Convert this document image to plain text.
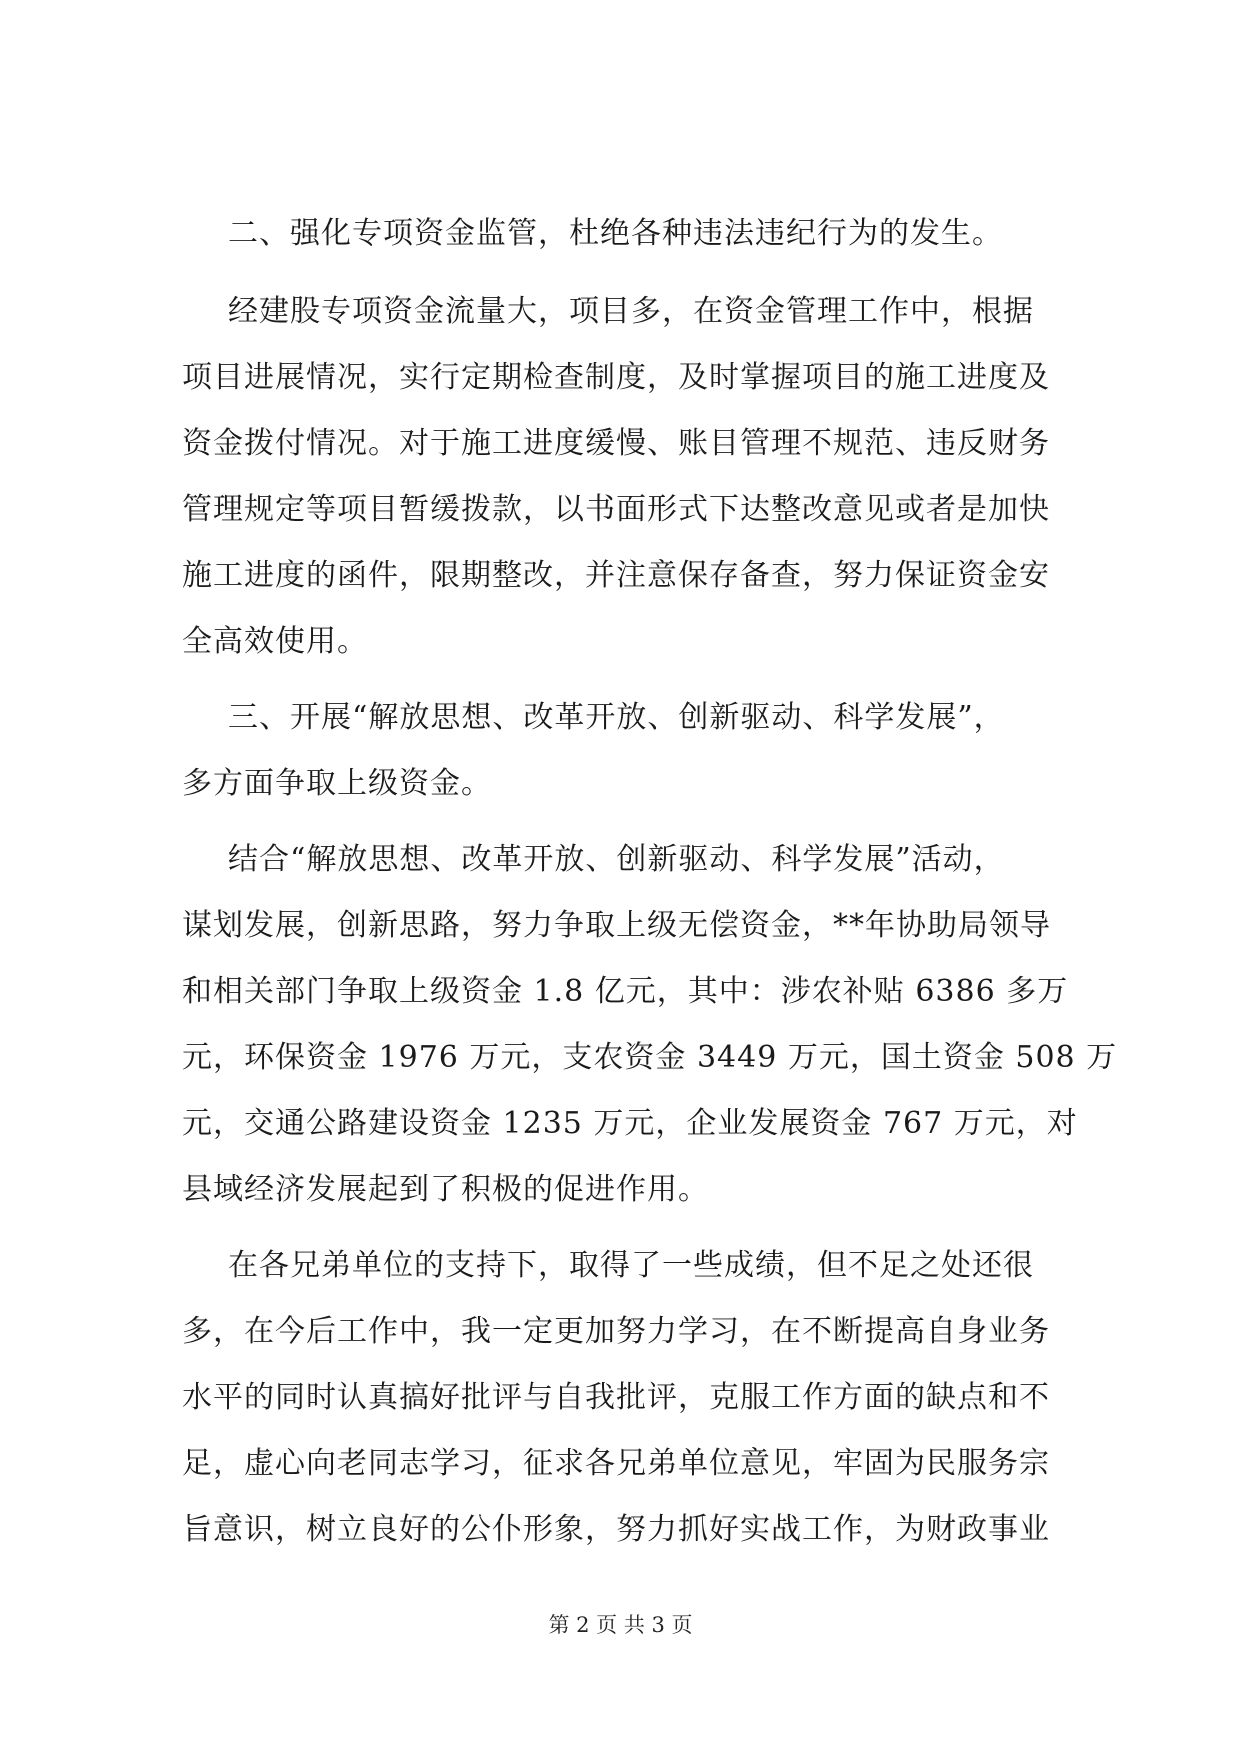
二、强化专项资金监管，杜绝各种违法违纪行为的发生。
经建股专项资金流量大，项目多，在资金管理工作中，根据
项目进展情况，实行定期检查制度，及时掌握项目的施工进度及
资金拨付情况。对于施工进度缓慢、账目管理不规范、违反财务
管理规定等项目暂缓拨款，以书面形式下达整改意见或者是加快
施工进度的函件，限期整改，并注意保存备查，努力保证资金安
全高效使用。
三、开展“解放思想、改革开放、创新驱动、科学发展”，
多方面争取上级资金。
结合“解放思想、改革开放、创新驱动、科学发展”活动，
谋划发展，创新思路，努力争取上级无偿资金，**年协助局领导
和相关部门争取上级资金 1.8 亿元，其中：涉农补贴 6386 多万
元，环保资金 1976 万元，支农资金 3449 万元，国土资金 508 万
元，交通公路建设资金 1235 万元，企业发展资金 767 万元，对
县域经济发展起到了积极的促进作用。
在各兄弟单位的支持下，取得了一些成绩，但不足之处还很
多，在今后工作中，我一定更加努力学习，在不断提高自身业务
水平的同时认真搞好批评与自我批评，克服工作方面的缺点和不
足，虚心向老同志学习，征求各兄弟单位意见，牢固为民服务宗
旨意识，树立良好的公仆形象，努力抓好实战工作，为财政事业
第 2 页 共 3 页
